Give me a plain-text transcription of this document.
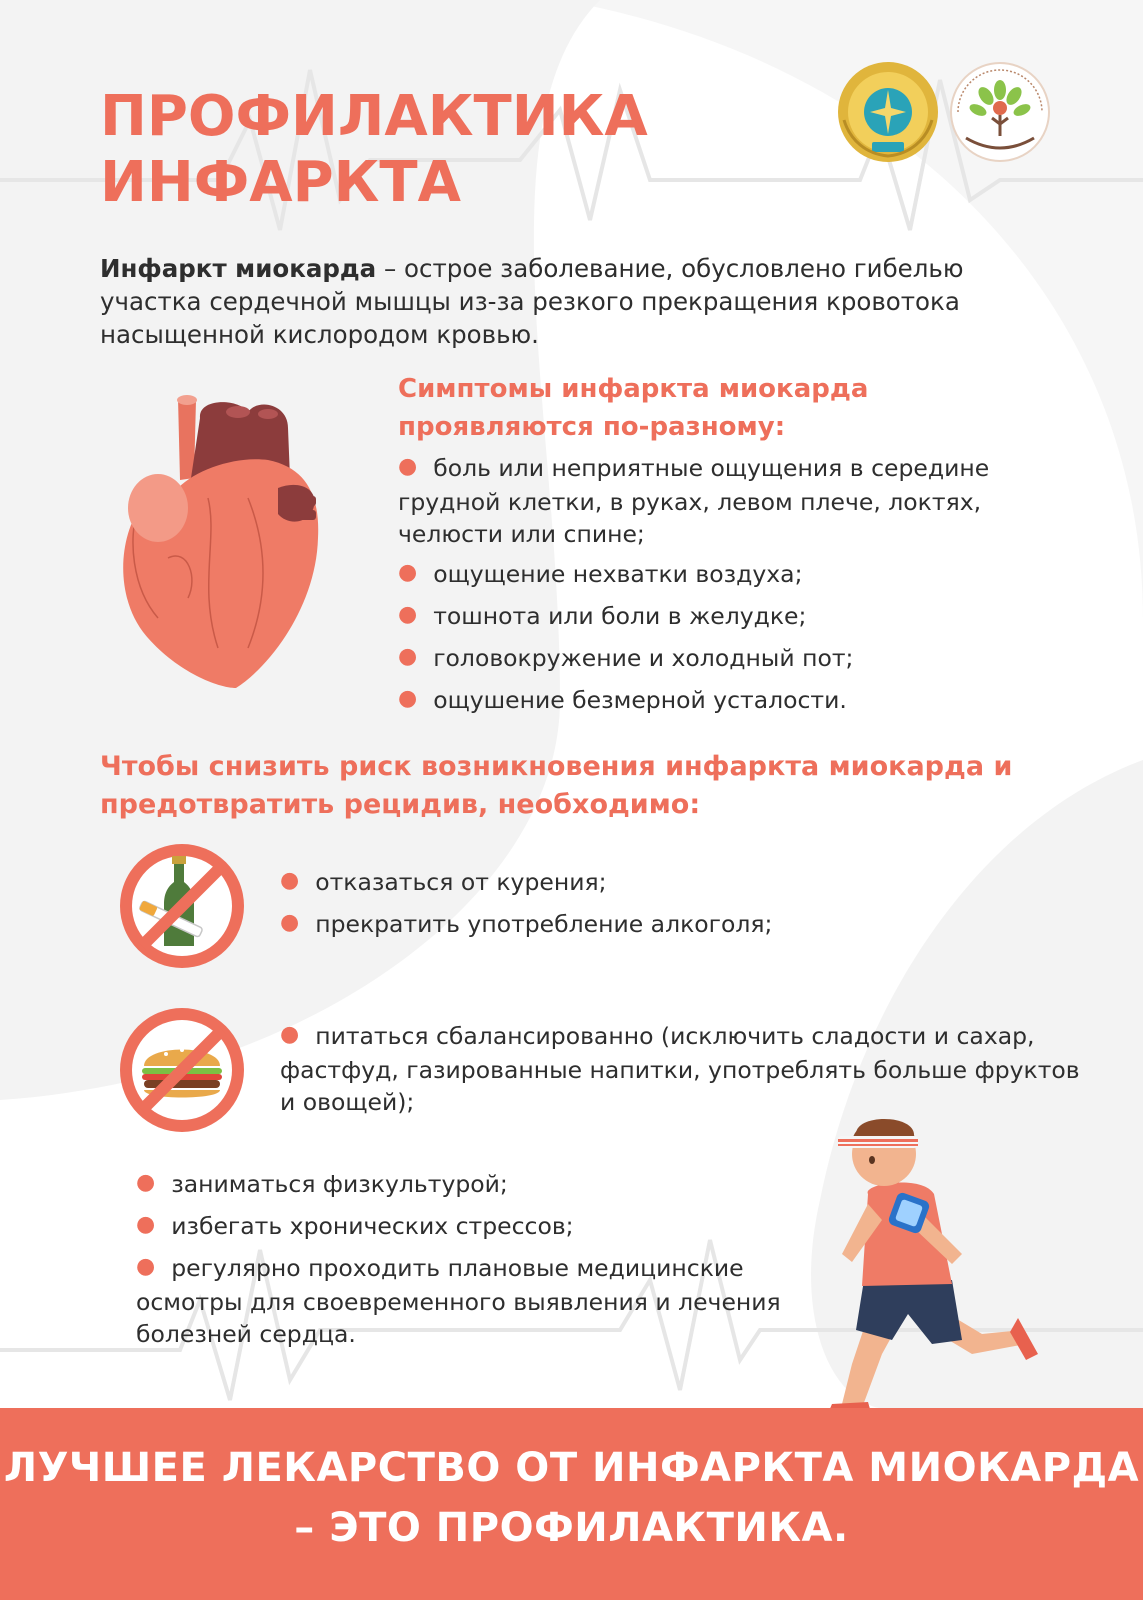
ПРОФИЛАКТИКА
ИНФАРКТА
Инфаркт миокарда – острое заболевание, обусловлено гибелью участка сердечной мышцы из-за резкого прекращения кровотока насыщенной кислородом кровью.
Симптомы инфаркта миокарда проявляются по-разному:
● боль или неприятные ощущения в середине грудной клетки, в руках, левом плече, локтях, челюсти или спине;
● ощущение нехватки воздуха;
● тошнота или боли в желудке;
● головокружение и холодный пот;
● ощушение безмерной усталости.
Чтобы снизить риск возникновения инфаркта миокарда и предотвратить рецидив, необходимо:
● отказаться от курения;
● прекратить употребление алкоголя;
● питаться сбалансированно (исключить сладости и сахар, фастфуд, газированные напитки, употреблять больше фруктов и овощей);
● заниматься физкультурой;
● избегать хронических стрессов;
● регулярно проходить плановые медицинские осмотры для своевременного выявления и лечения болезней сердца.
ЛУЧШЕЕ ЛЕКАРСТВО ОТ ИНФАРКТА МИОКАРДА
– ЭТО ПРОФИЛАКТИКА.
